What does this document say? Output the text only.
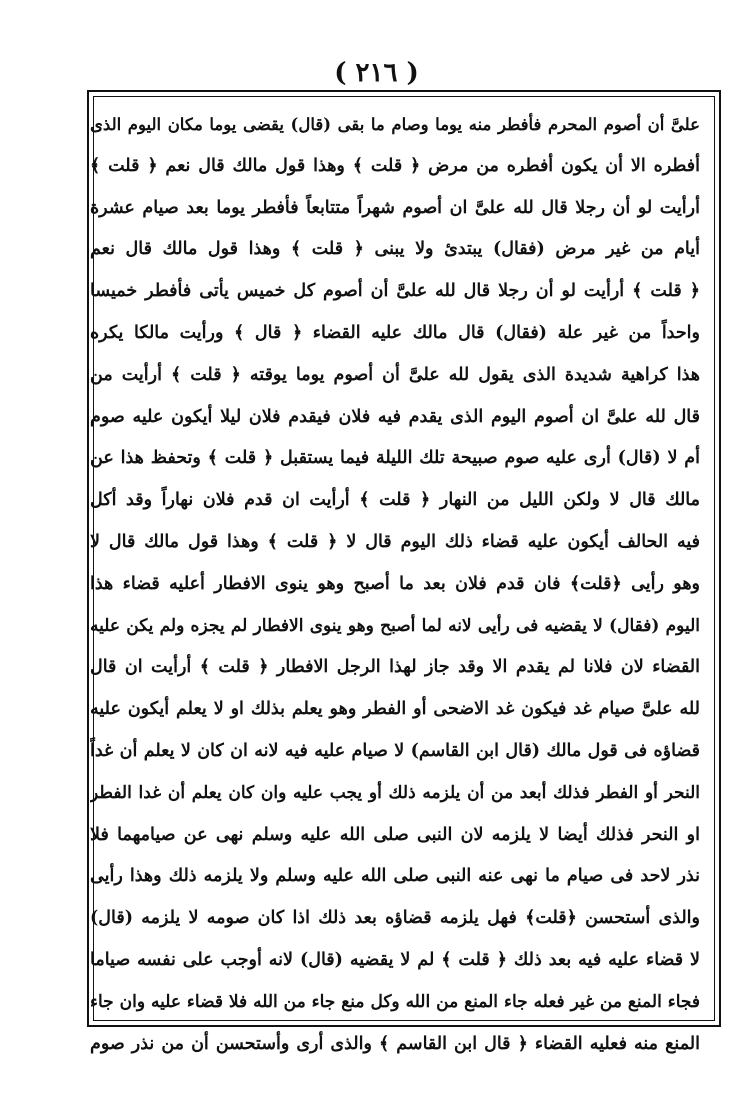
( ٢١٦ )
علىَّ أن أصوم المحرم فأفطر منه يوما وصام ما بقى (قال) يقضى يوما مكان اليوم الذى
أفطره الا أن يكون أفطره من مرض ﴿ قلت ﴾ وهذا قول مالك قال نعم ﴿ قلت ﴾
أرأيت لو أن رجلا قال لله علىَّ ان أصوم شهراً متتابعاً فأفطر يوما بعد صيام عشرة
أيام من غير مرض (فقال) يبتدئ ولا يبنى ﴿ قلت ﴾ وهذا قول مالك قال نعم
﴿ قلت ﴾ أرأيت لو أن رجلا قال لله علىَّ أن أصوم كل خميس يأتى فأفطر خميسا
واحداً من غير علة (فقال) قال مالك عليه القضاء ﴿ قال ﴾ ورأيت مالكا يكره
هذا كراهية شديدة الذى يقول لله علىَّ أن أصوم يوما يوقته ﴿ قلت ﴾ أرأيت من
قال لله علىَّ ان أصوم اليوم الذى يقدم فيه فلان فيقدم فلان ليلا أيكون عليه صوم
أم لا (قال) أرى عليه صوم صبيحة تلك الليلة فيما يستقبل ﴿ قلت ﴾ وتحفظ هذا عن
مالك قال لا ولكن الليل من النهار ﴿ قلت ﴾ أرأيت ان قدم فلان نهاراً وقد أكل
فيه الحالف أيكون عليه قضاء ذلك اليوم قال لا ﴿ قلت ﴾ وهذا قول مالك قال لا
وهو رأيى ﴿قلت﴾ فان قدم فلان بعد ما أصبح وهو ينوى الافطار أعليه قضاء هذا
اليوم (فقال) لا يقضيه فى رأيى لانه لما أصبح وهو ينوى الافطار لم يجزه ولم يكن عليه
القضاء لان فلانا لم يقدم الا وقد جاز لهذا الرجل الافطار ﴿ قلت ﴾ أرأيت ان قال
لله علىَّ صيام غد فيكون غد الاضحى أو الفطر وهو يعلم بذلك او لا يعلم أيكون عليه
قضاؤه فى قول مالك (قال ابن القاسم) لا صيام عليه فيه لانه ان كان لا يعلم أن غداً
النحر أو الفطر فذلك أبعد من أن يلزمه ذلك أو يجب عليه وان كان يعلم أن غدا الفطر
او النحر فذلك أيضا لا يلزمه لان النبى صلى الله عليه وسلم نهى عن صيامهما فلا
نذر لاحد فى صيام ما نهى عنه النبى صلى الله عليه وسلم ولا يلزمه ذلك وهذا رأيى
والذى أستحسن ﴿قلت﴾ فهل يلزمه قضاؤه بعد ذلك اذا كان صومه لا يلزمه (قال)
لا قضاء عليه فيه بعد ذلك ﴿ قلت ﴾ لم لا يقضيه (قال) لانه أوجب على نفسه صياما
فجاء المنع من غير فعله جاء المنع من الله وكل منع جاء من الله فلا قضاء عليه وان جاء
المنع منه فعليه القضاء ﴿ قال ابن القاسم ﴾ والذى أرى وأستحسن أن من نذر صوم
